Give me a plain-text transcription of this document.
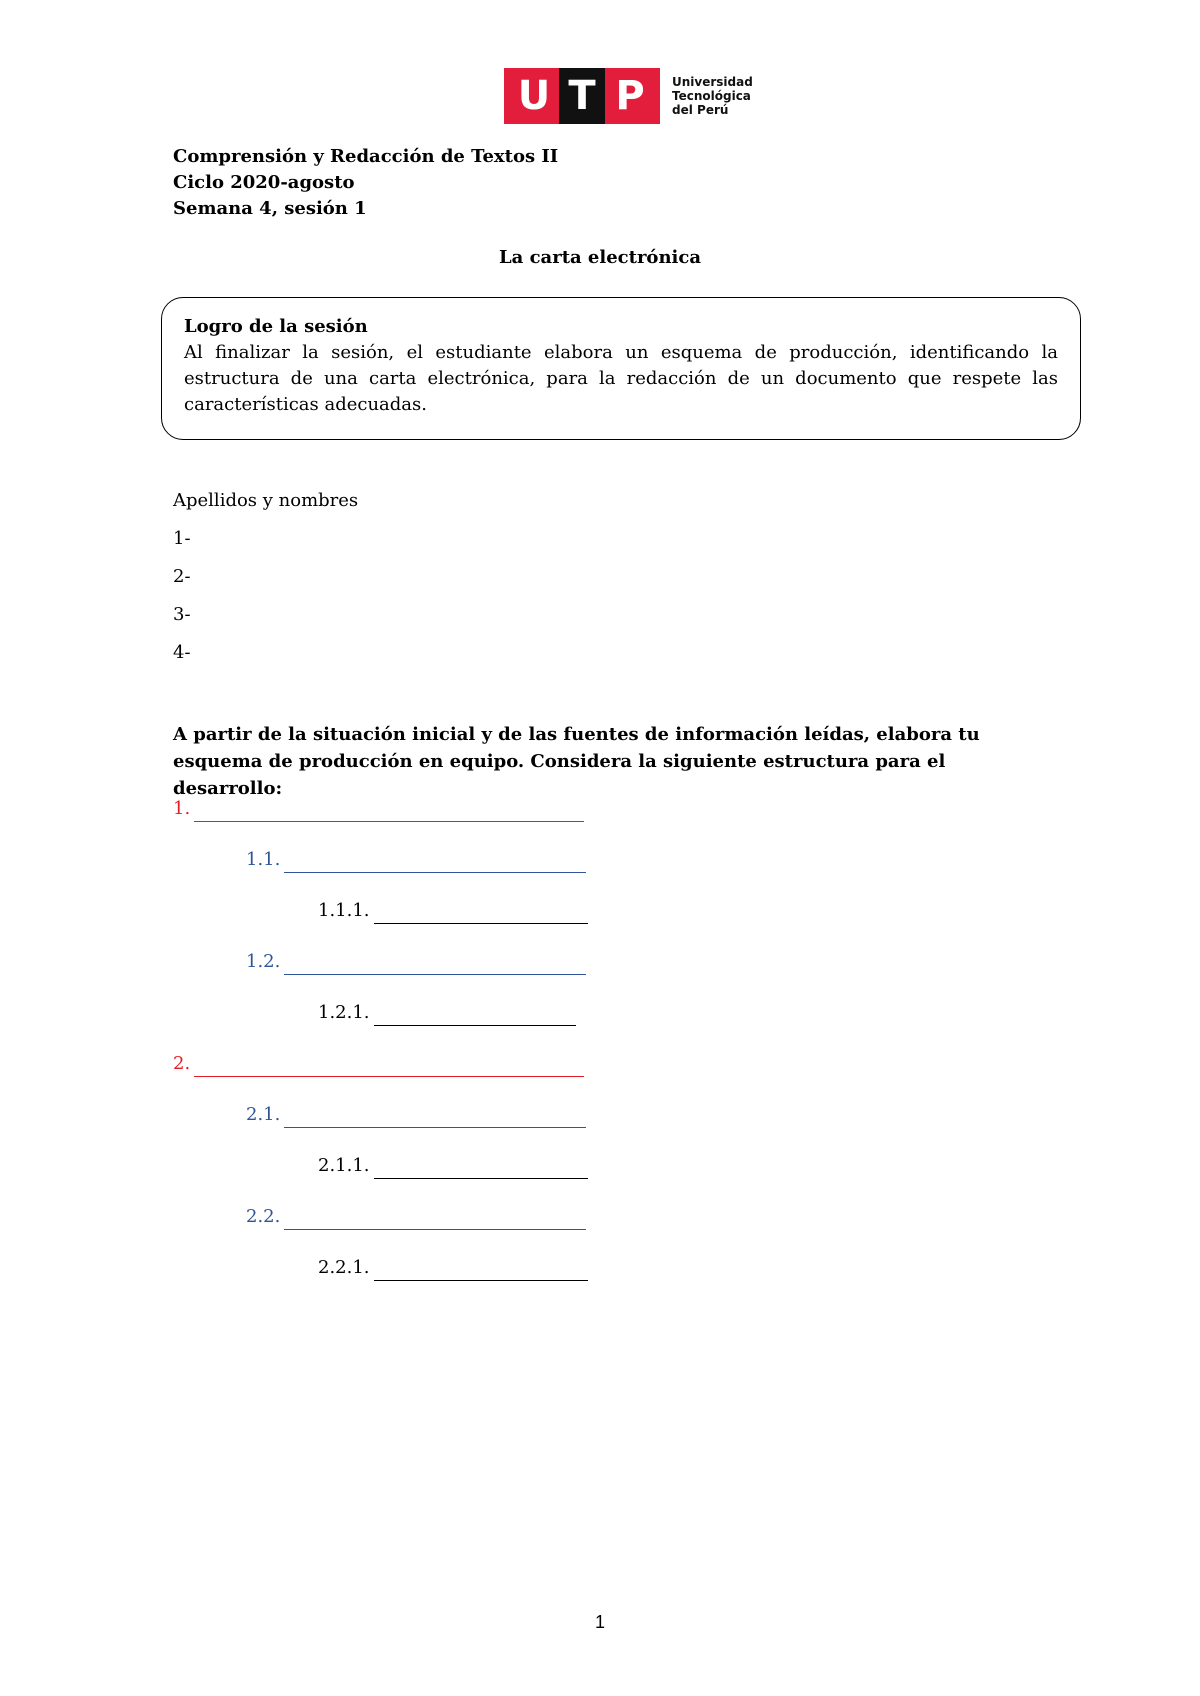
U T P	Universidad
Tecnológica
del Perú
Comprensión y Redacción de Textos II
Ciclo 2020-agosto
Semana 4, sesión 1
La carta electrónica
Logro de la sesión
Al finalizar la sesión, el estudiante elabora un esquema de producción, identificando la estructura de una carta electrónica, para la redacción de un documento que respete las características adecuadas.
Apellidos y nombres
1-
2-
3-
4-
A partir de la situación inicial y de las fuentes de información leídas, elabora tu esquema de producción en equipo. Considera la siguiente estructura para el desarrollo:
1.
1.1.
1.1.1.
1.2.
1.2.1.
2.
2.1.
2.1.1.
2.2.
2.2.1.
1
